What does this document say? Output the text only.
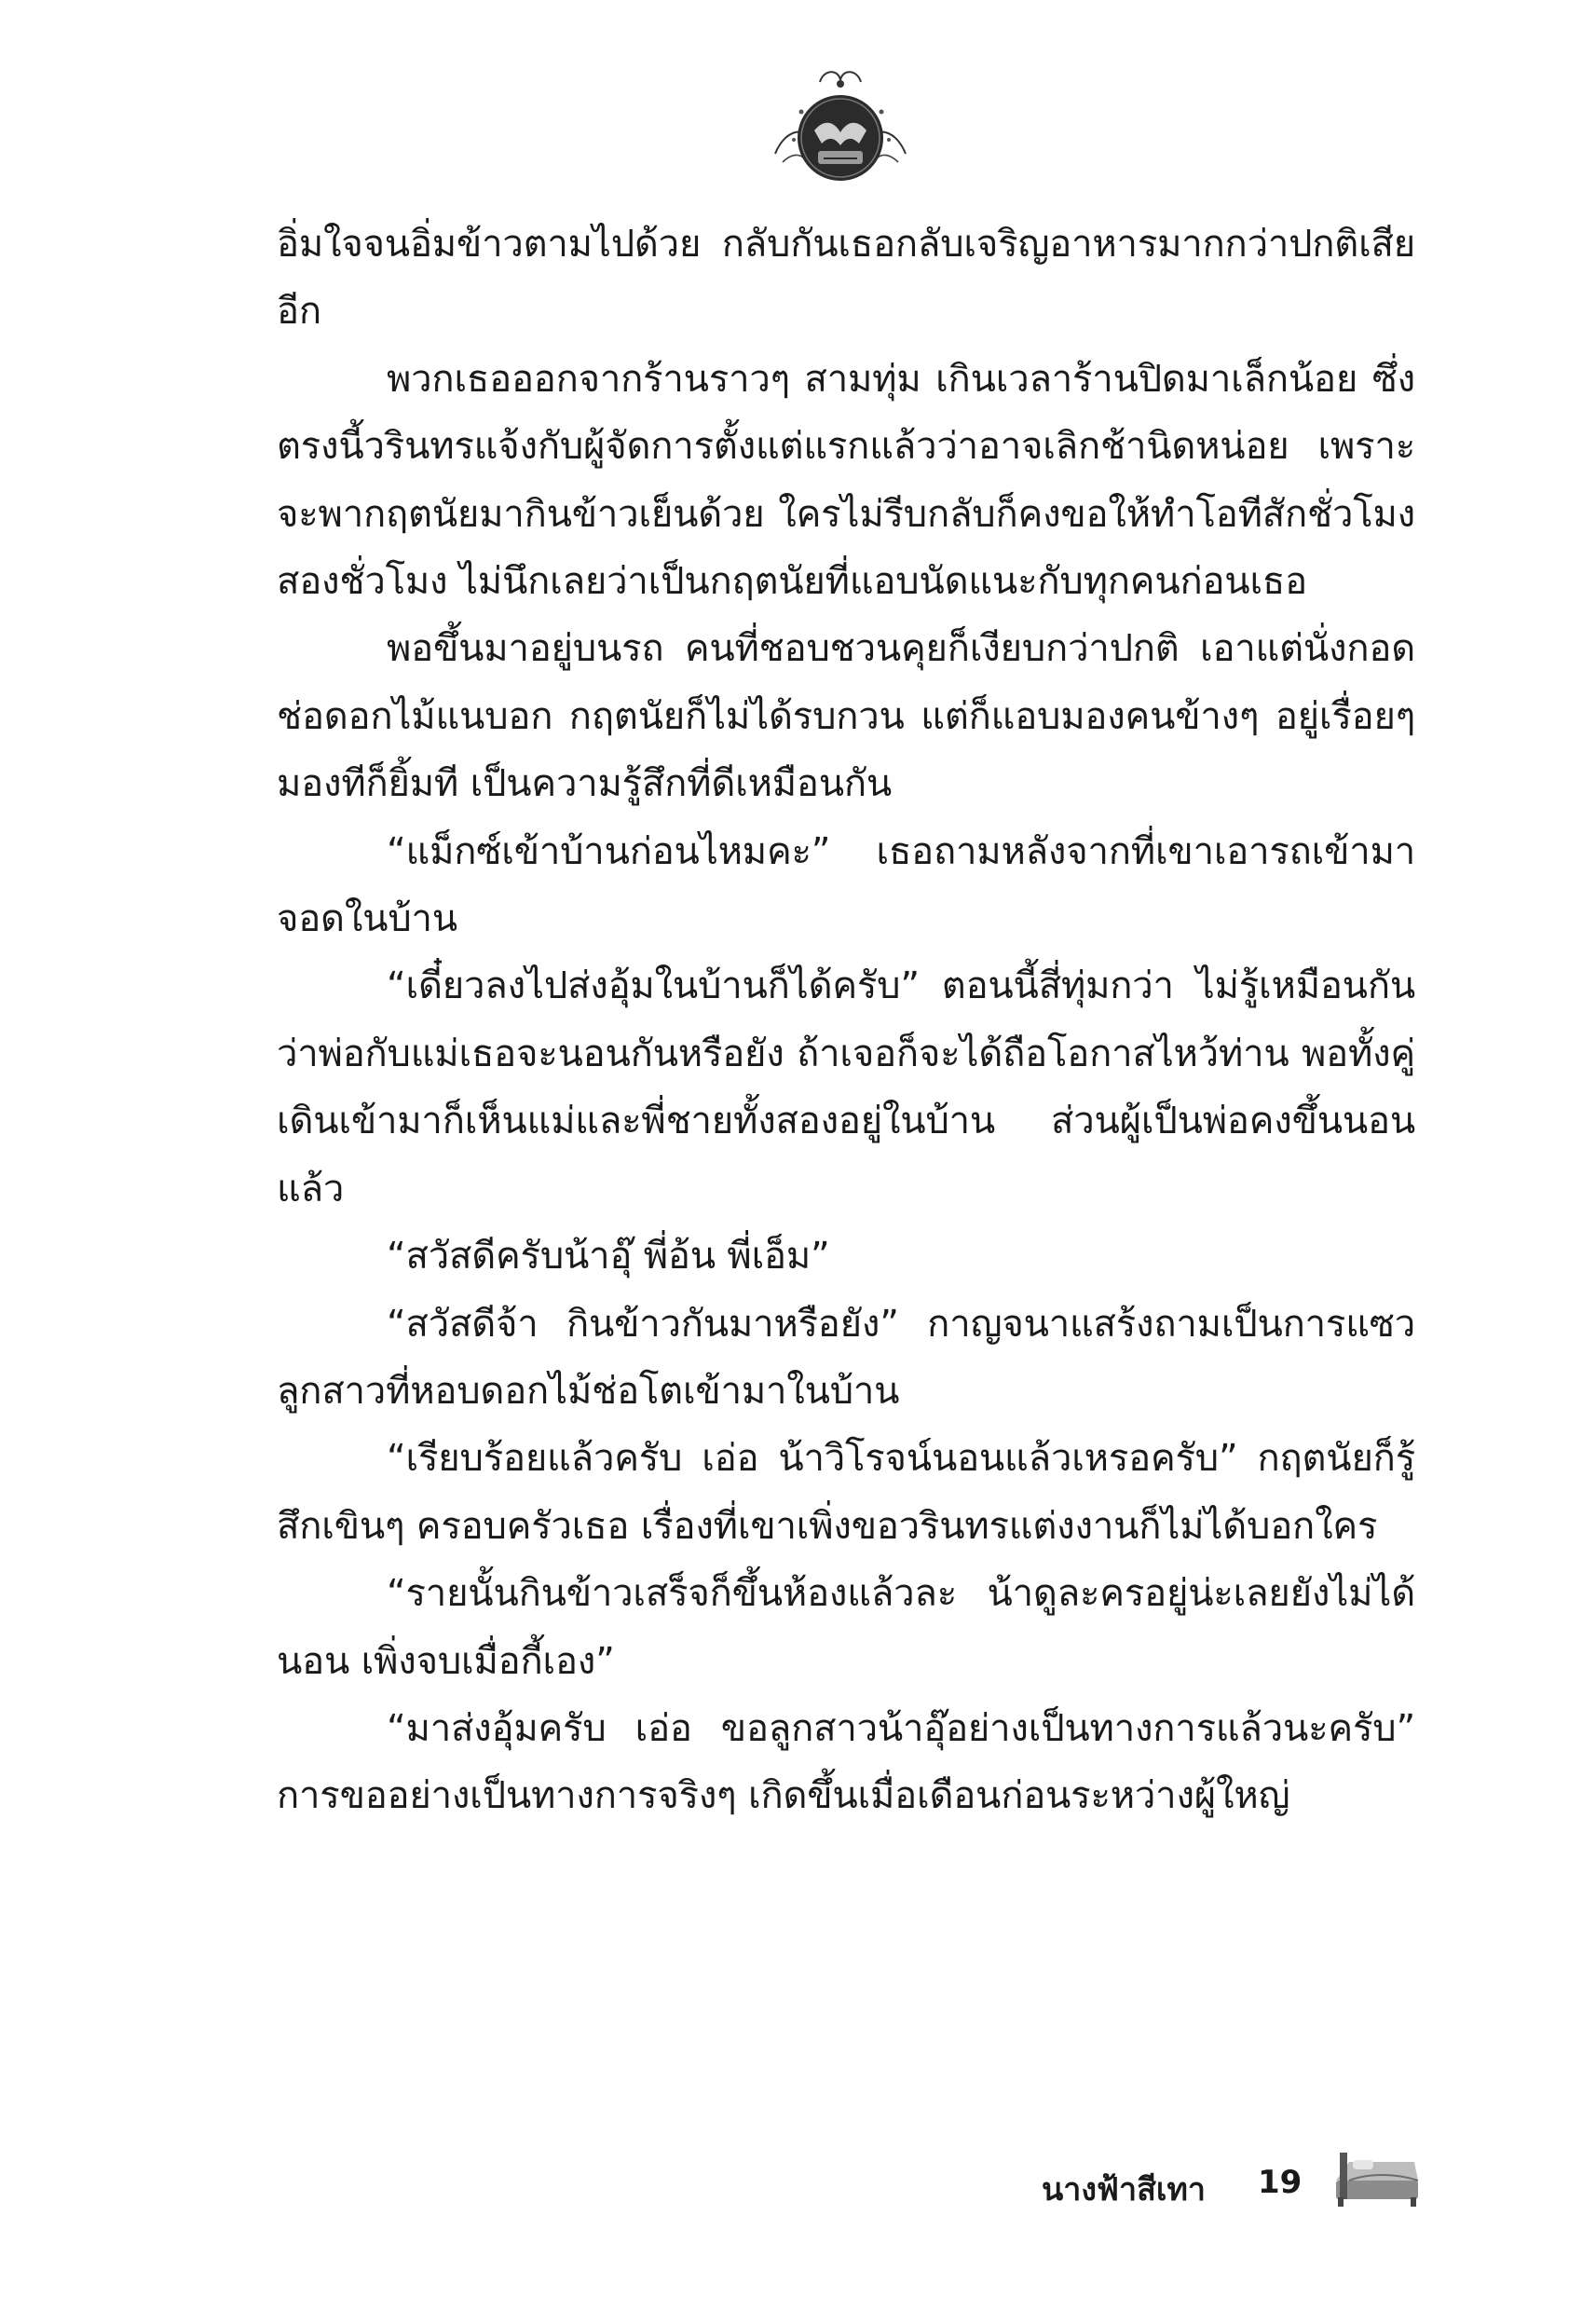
อิ่มใจจนอิ่มข้าวตามไปด้วย กลับกันเธอกลับเจริญอาหารมากกว่าปกติเสียอีก

พวกเธอออกจากร้านราวๆ สามทุ่ม เกินเวลาร้านปิดมาเล็กน้อย ซึ่งตรงนี้วรินทรแจ้งกับผู้จัดการตั้งแต่แรกแล้วว่าอาจเลิกช้านิดหน่อย เพราะจะพากฤตนัยมากินข้าวเย็นด้วย ใครไม่รีบกลับก็คงขอให้ทำโอทีสักชั่วโมงสองชั่วโมง ไม่นึกเลยว่าเป็นกฤตนัยที่แอบนัดแนะกับทุกคนก่อนเธอ

พอขึ้นมาอยู่บนรถ คนที่ชอบชวนคุยก็เงียบกว่าปกติ เอาแต่นั่งกอดช่อดอกไม้แนบอก กฤตนัยก็ไม่ได้รบกวน แต่ก็แอบมองคนข้างๆ อยู่เรื่อยๆ มองทีก็ยิ้มที เป็นความรู้สึกที่ดีเหมือนกัน

“แม็กซ์เข้าบ้านก่อนไหมคะ” เธอถามหลังจากที่เขาเอารถเข้ามาจอดในบ้าน

“เดี๋ยวลงไปส่งอุ้มในบ้านก็ได้ครับ” ตอนนี้สี่ทุ่มกว่า ไม่รู้เหมือนกันว่าพ่อกับแม่เธอจะนอนกันหรือยัง ถ้าเจอก็จะได้ถือโอกาสไหว้ท่าน พอทั้งคู่เดินเข้ามาก็เห็นแม่และพี่ชายทั้งสองอยู่ในบ้าน ส่วนผู้เป็นพ่อคงขึ้นนอนแล้ว

“สวัสดีครับน้าอุ๊ พี่อ้น พี่เอ็ม”

“สวัสดีจ้า กินข้าวกันมาหรือยัง” กาญจนาแสร้งถามเป็นการแซวลูกสาวที่หอบดอกไม้ช่อโตเข้ามาในบ้าน

“เรียบร้อยแล้วครับ เอ่อ น้าวิโรจน์นอนแล้วเหรอครับ” กฤตนัยก็รู้สึกเขินๆ ครอบครัวเธอ เรื่องที่เขาเพิ่งขอวรินทรแต่งงานก็ไม่ได้บอกใคร

“รายนั้นกินข้าวเสร็จก็ขึ้นห้องแล้วละ น้าดูละครอยู่น่ะเลยยังไม่ได้นอน เพิ่งจบเมื่อกี้เอง”

“มาส่งอุ้มครับ เอ่อ ขอลูกสาวน้าอุ๊อย่างเป็นทางการแล้วนะครับ” การขออย่างเป็นทางการจริงๆ เกิดขึ้นเมื่อเดือนก่อนระหว่างผู้ใหญ่

นางฟ้าสีเทา 19
